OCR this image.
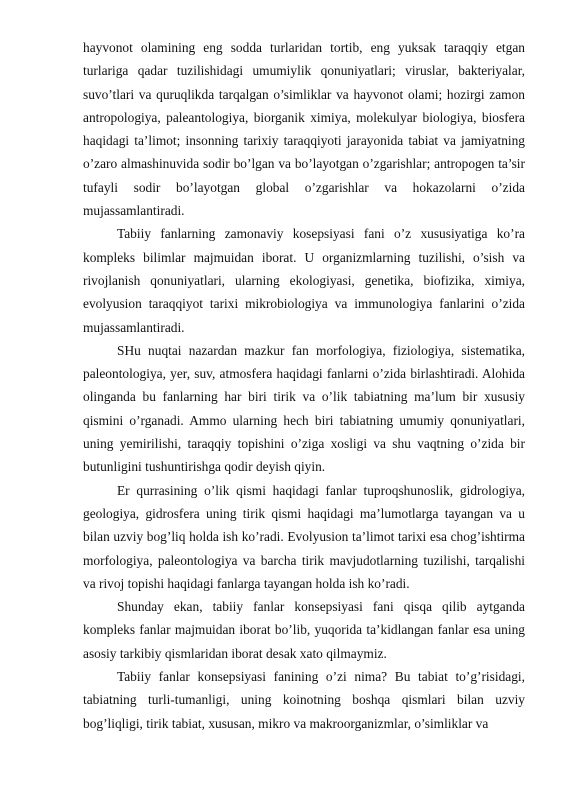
hayvonot olamining eng sodda turlaridan tortib, eng yuksak taraqqiy etgan turlariga qadar tuzilishidagi umumiylik qonuniyatlari; viruslar, bakteriyalar, suvo’tlari va quruqlikda tarqalgan o’simliklar va hayvonot olami; hozirgi zamon antropologiya, paleantologiya, biorganik ximiya, molekulyar biologiya, biosfera haqidagi ta’limot; insonning tarixiy taraqqiyoti jarayonida tabiat va jamiyatning o’zaro almashinuvida sodir bo’lgan va bo’layotgan o’zgarishlar; antropogen ta’sir tufayli sodir bo’layotgan global o’zgarishlar va hokazolarni o’zida mujassamlantiradi.

Tabiiy fanlarning zamonaviy kosepsiyasi fani o’z xususiyatiga ko’ra kompleks bilimlar majmuidan iborat. U organizmlarning tuzilishi, o’sish va rivojlanish qonuniyatlari, ularning ekologiyasi, genetika, biofizika, ximiya, evolyusion taraqqiyot tarixi mikrobiologiya va immunologiya fanlarini o’zida mujassamlantiradi.

SHu nuqtai nazardan mazkur fan morfologiya, fiziologiya, sistematika, paleontologiya, yer, suv, atmosfera haqidagi fanlarni o’zida birlashtiradi. Alohida olinganda bu fanlarning har biri tirik va o’lik tabiatning ma’lum bir xususiy qismini o’rganadi. Ammo ularning hech biri tabiatning umumiy qonuniyatlari, uning yemirilishi, taraqqiy topishini o’ziga xosligi va shu vaqtning o’zida bir butunligini tushuntirishga qodir deyish qiyin.

Er qurrasining o’lik qismi haqidagi fanlar tuproqshunoslik, gidrologiya, geologiya, gidrosfera uning tirik qismi haqidagi ma’lumotlarga tayangan va u bilan uzviy bog’liq holda ish ko’radi. Evolyusion ta’limot tarixi esa chog’ishtirma morfologiya, paleontologiya va barcha tirik mavjudotlarning tuzilishi, tarqalishi va rivoj topishi haqidagi fanlarga tayangan holda ish ko’radi.

Shunday ekan, tabiiy fanlar konsepsiyasi fani qisqa qilib aytganda kompleks fanlar majmuidan iborat bo’lib, yuqorida ta’kidlangan fanlar esa uning asosiy tarkibiy qismlaridan iborat desak xato qilmaymiz.

Tabiiy fanlar konsepsiyasi fanining o’zi nima? Bu tabiat to’g’risidagi, tabiatning turli-tumanligi, uning koinotning boshqa qismlari bilan uzviy bog’liqligi, tirik tabiat, xususan, mikro va makroorganizmlar, o’simliklar va
